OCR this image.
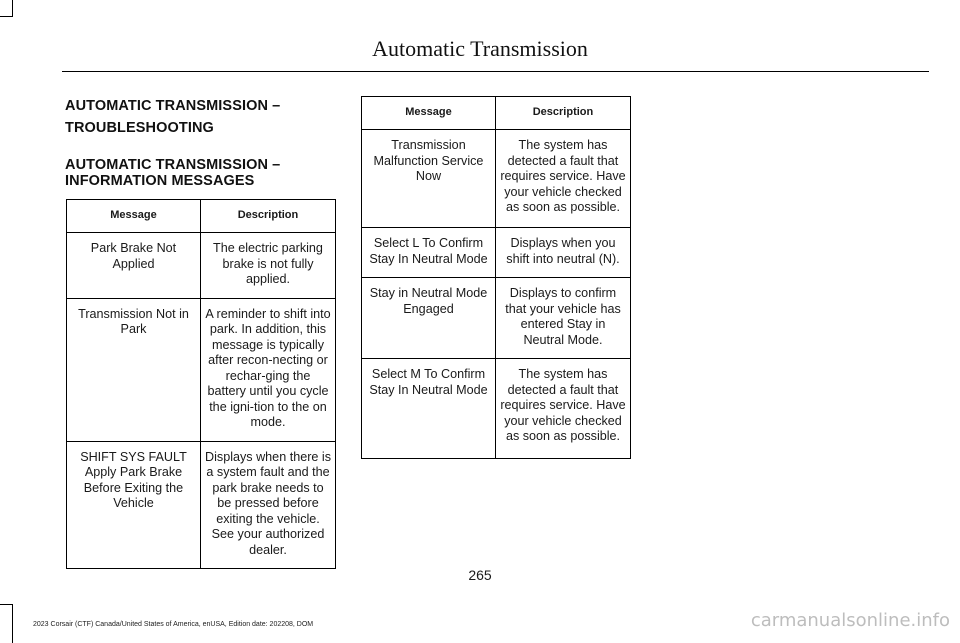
Automatic Transmission
AUTOMATIC TRANSMISSION –
TROUBLESHOOTING
AUTOMATIC TRANSMISSION –
INFORMATION MESSAGES
Message	Description
Park Brake Not Applied	The electric parking brake is not fully applied.
Transmission Not in Park	A reminder to shift into park. In addition, this message is typically after recon-necting or rechar-ging the battery until you cycle the igni-tion to the on mode.
SHIFT SYS FAULT Apply Park Brake Before Exiting the Vehicle	Displays when there is a system fault and the park brake needs to be pressed before exiting the vehicle. See your authorized dealer.
Message	Description
Transmission Malfunction Service Now	The system has detected a fault that requires service. Have your vehicle checked as soon as possible.
Select L To Confirm Stay In Neutral Mode	Displays when you shift into neutral (N).
Stay in Neutral Mode Engaged	Displays to confirm that your vehicle has entered Stay in Neutral Mode.
Select M To Confirm Stay In Neutral Mode	The system has detected a fault that requires service. Have your vehicle checked as soon as possible.
265
2023 Corsair (CTF) Canada/United States of America, enUSA, Edition date: 202208, DOM	carmanualsonline.info
